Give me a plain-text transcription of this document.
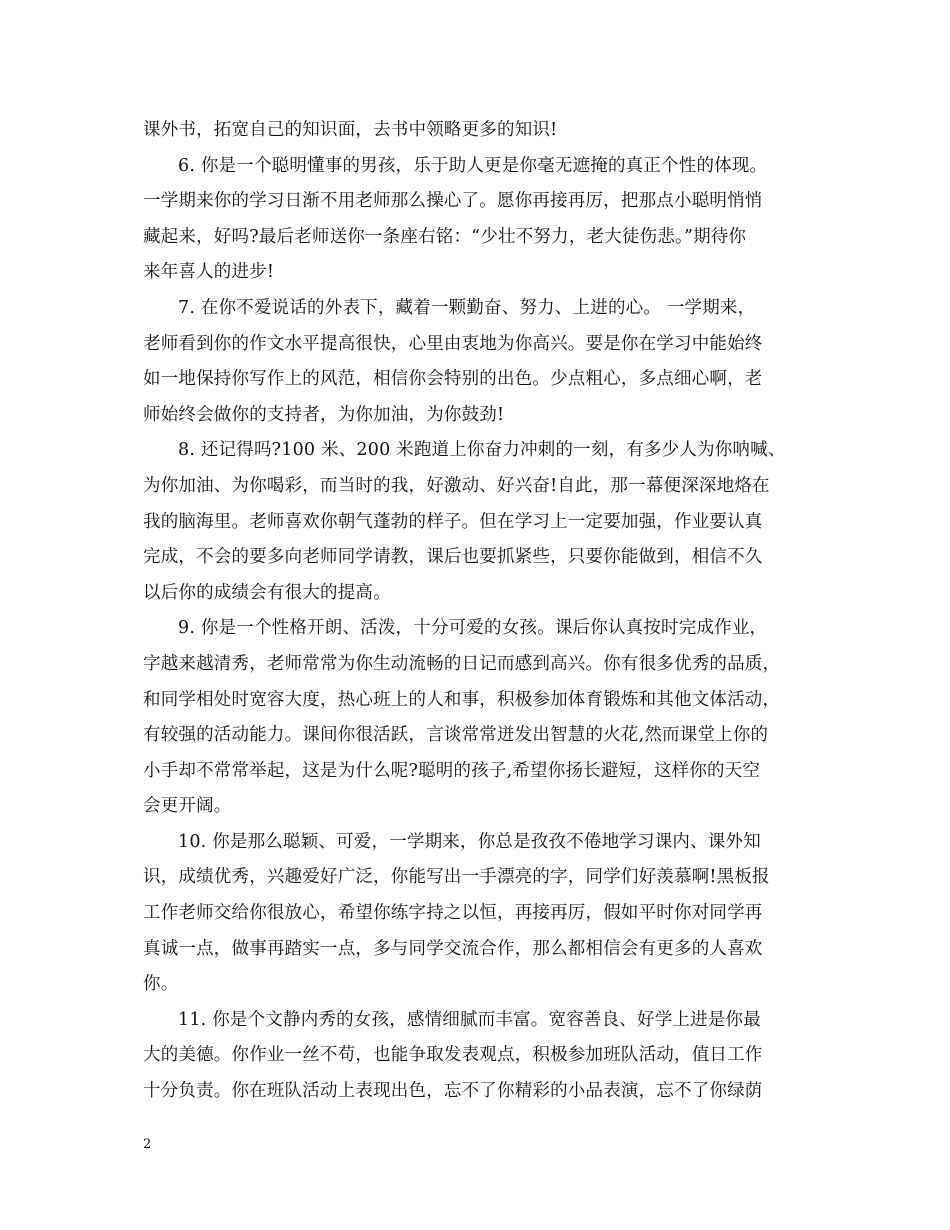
课外书，拓宽自己的知识面，去书中领略更多的知识!
6. 你是一个聪明懂事的男孩，乐于助人更是你毫无遮掩的真正个性的体现。
一学期来你的学习日渐不用老师那么操心了。愿你再接再厉，把那点小聪明悄悄
藏起来，好吗?最后老师送你一条座右铭：“少壮不努力，老大徒伤悲。”期待你
来年喜人的进步!
7. 在你不爱说话的外表下，藏着一颗勤奋、努力、上进的心。 一学期来，
老师看到你的作文水平提高很快，心里由衷地为你高兴。要是你在学习中能始终
如一地保持你写作上的风范，相信你会特别的出色。少点粗心，多点细心啊，老
师始终会做你的支持者，为你加油，为你鼓劲!
8. 还记得吗?100 米、200 米跑道上你奋力冲刺的一刻，有多少人为你呐喊、
为你加油、为你喝彩，而当时的我，好激动、好兴奋!自此，那一幕便深深地烙在
我的脑海里。老师喜欢你朝气蓬勃的样子。但在学习上一定要加强，作业要认真
完成，不会的要多向老师同学请教，课后也要抓紧些，只要你能做到，相信不久
以后你的成绩会有很大的提高。
9. 你是一个性格开朗、活泼，十分可爱的女孩。课后你认真按时完成作业，
字越来越清秀，老师常常为你生动流畅的日记而感到高兴。你有很多优秀的品质，
和同学相处时宽容大度，热心班上的人和事，积极参加体育锻炼和其他文体活动，
有较强的活动能力。课间你很活跃，言谈常常迸发出智慧的火花,然而课堂上你的
小手却不常常举起，这是为什么呢?聪明的孩子,希望你扬长避短，这样你的天空
会更开阔。
10. 你是那么聪颖、可爱，一学期来，你总是孜孜不倦地学习课内、课外知
识，成绩优秀，兴趣爱好广泛，你能写出一手漂亮的字，同学们好羡慕啊!黑板报
工作老师交给你很放心，希望你练字持之以恒，再接再厉，假如平时你对同学再
真诚一点，做事再踏实一点，多与同学交流合作，那么都相信会有更多的人喜欢
你。
11. 你是个文静内秀的女孩，感情细腻而丰富。宽容善良、好学上进是你最
大的美德。你作业一丝不苟，也能争取发表观点，积极参加班队活动，值日工作
十分负责。你在班队活动上表现出色，忘不了你精彩的小品表演，忘不了你绿荫
2
